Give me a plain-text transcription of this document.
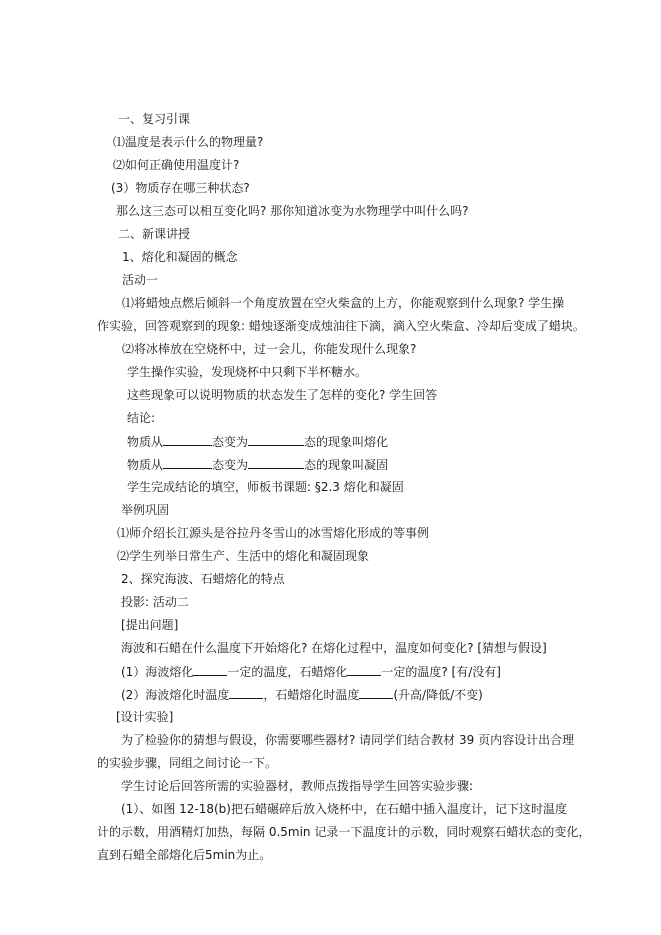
一、复习引课
⑴温度是表示什么的物理量?
⑵如何正确使用温度计?
(3）物质存在哪三种状态?
那么这三态可以相互变化吗? 那你知道冰变为水物理学中叫什么吗?
二、新课讲授
1、熔化和凝固的概念
活动一
⑴将蜡烛点燃后倾斜一个角度放置在空火柴盒的上方，你能观察到什么现象? 学生操
作实验，回答观察到的现象: 蜡烛逐渐变成烛油往下滴，滴入空火柴盒、冷却后变成了蜡块。
⑵将冰棒放在空烧杯中，过一会儿，你能发现什么现象?
学生操作实验，发现烧杯中只剩下半杯糖水。
这些现象可以说明物质的状态发生了怎样的变化? 学生回答
结论:
物质从	态变为	态的现象叫熔化
物质从	态变为	态的现象叫凝固
学生完成结论的填空，师板书课题: §2.3 熔化和凝固
举例巩固
⑴师介绍长江源头是谷拉丹冬雪山的冰雪熔化形成的等事例
⑵学生列举日常生产、生活中的熔化和凝固现象
2、探究海波、石蜡熔化的特点
投影: 活动二
[提出问题]
海波和石蜡在什么温度下开始熔化? 在熔化过程中，温度如何变化? [猜想与假设]
(1）海波熔化	一定的温度，石蜡熔化	一定的温度? [有/没有]
(2）海波熔化时温度	，石蜡熔化时温度	(升高/降低/不变)
[设计实验]
为了检验你的猜想与假设，你需要哪些器材? 请同学们结合教材 39 页内容设计出合理
的实验步骤，同组之间讨论一下。
学生讨论后回答所需的实验器材，教师点拨指导学生回答实验步骤:
(1）、如图 12-18(b)把石蜡碾碎后放入烧杯中，在石蜡中插入温度计，记下这时温度
计的示数，用酒精灯加热，每隔 0.5min 记录一下温度计的示数，同时观察石蜡状态的变化，
直到石蜡全部熔化后5min为止。
